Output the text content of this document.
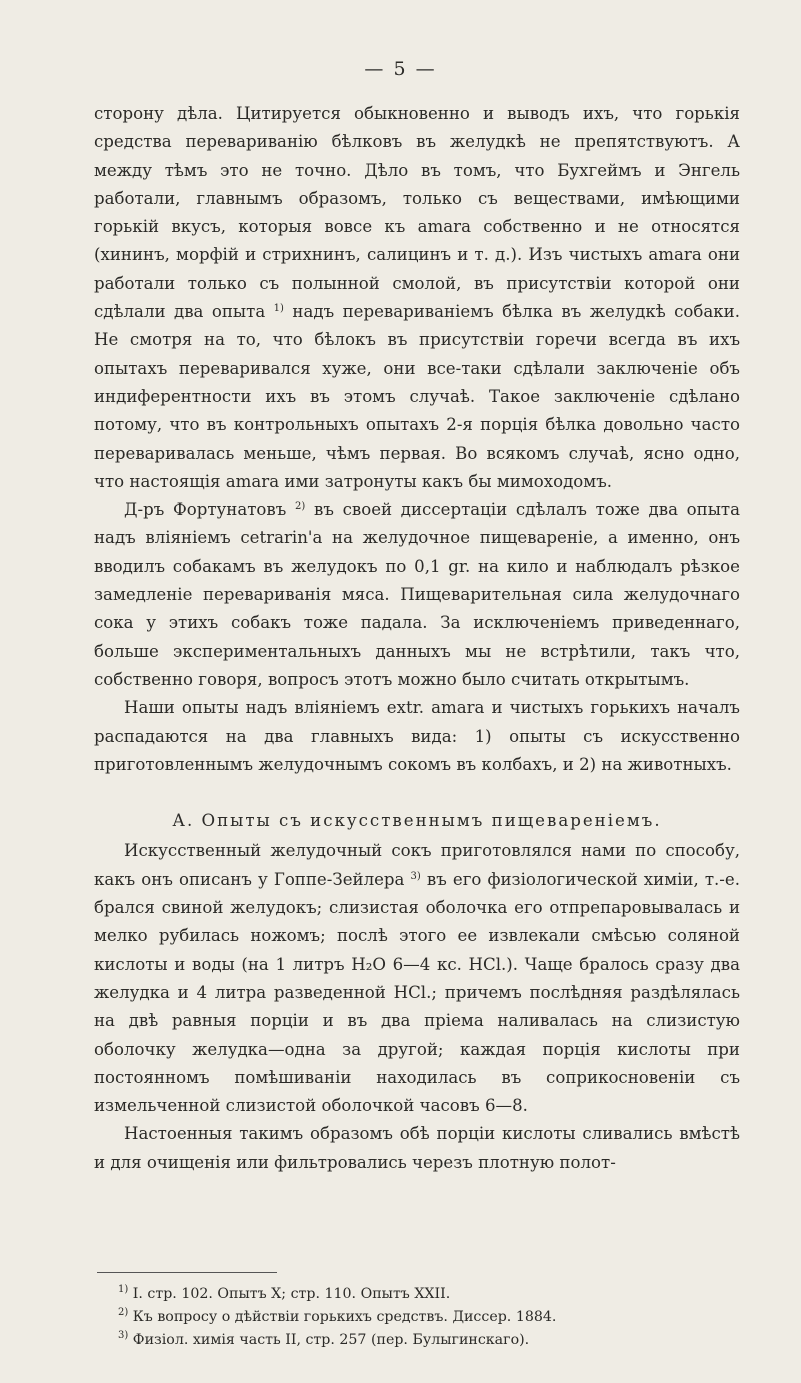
— 5 —

сторону дѣла. Цитируется обыкновенно и выводъ ихъ, что горькія средства перевариванію бѣлковъ въ желудкѣ не препятствуютъ. А между тѣмъ это не точно. Дѣло въ томъ, что Бухгеймъ и Энгель работали, главнымъ образомъ, только съ веществами, имѣющими горькій вкусъ, которыя вовсе къ amara собственно и не относятся (хининъ, морфій и стрихнинъ, салицинъ и т. д.). Изъ чистыхъ amara они работали только съ полынной смолой, въ присутствіи которой они сдѣлали два опыта $^{1)}$ надъ перевариваніемъ бѣлка въ желудкѣ собаки. Не смотря на то, что бѣлокъ въ присутствіи горечи всегда въ ихъ опытахъ переваривался хуже, они все-таки сдѣлали заключеніе объ индиферентности ихъ въ этомъ случаѣ. Такое заключеніе сдѣлано потому, что въ контрольныхъ опытахъ 2-я порція бѣлка довольно часто переваривалась меньше, чѣмъ первая. Во всякомъ случаѣ, ясно одно, что настоящія amara ими затронуты какъ бы мимоходомъ.

Д-ръ Фортунатовъ $^{2)}$ въ своей диссертаціи сдѣлалъ тоже два опыта надъ вліяніемъ cetrarin'а на желудочное пищевареніе, а именно, онъ вводилъ собакамъ въ желудокъ по 0,1 gr. на кило и наблюдалъ рѣзкое замедленіе перевариванія мяса. Пищеварительная сила желудочнаго сока у этихъ собакъ тоже падала. За исключеніемъ приведеннаго, больше экспериментальныхъ данныхъ мы не встрѣтили, такъ что, собственно говоря, вопросъ этотъ можно было считать открытымъ.

Наши опыты надъ вліяніемъ extr. amara и чистыхъ горькихъ началъ распадаются на два главныхъ вида: 1) опыты съ искусственно приготовленнымъ желудочнымъ сокомъ въ колбахъ, и 2) на животныхъ.

А. Опыты съ искусственнымъ пищевареніемъ.

Искусственный желудочный сокъ приготовлялся нами по способу, какъ онъ описанъ у Гоппе-Зейлера $^{3)}$ въ его физіологической химіи, т.-е. брался свиной желудокъ; слизистая оболочка его отпрепаровывалась и мелко рубилась ножомъ; послѣ этого ее извлекали смѣсью соляной кислоты и воды (на 1 литръ H₂O 6—4 кс. HCl.). Чаще бралось сразу два желудка и 4 литра разведенной HCl.; причемъ послѣдняя раздѣлялась на двѣ равныя порціи и въ два пріема наливалась на слизистую оболочку желудка—одна за другой; каждая порція кислоты при постоянномъ помѣшиваніи находилась въ соприкосновеніи съ измельченной слизистой оболочкой часовъ 6—8.

Настоенныя такимъ образомъ обѣ порціи кислоты сливались вмѣстѣ и для очищенія или фильтровались черезъ плотную полот-

$^{1)}$ I. стр. 102. Опытъ X; стр. 110. Опытъ XXII.
$^{2)}$ Къ вопросу о дѣйствіи горькихъ средствъ. Диссер. 1884.
$^{3)}$ Физіол. химія часть II, стр. 257 (пер. Булыгинскаго).
